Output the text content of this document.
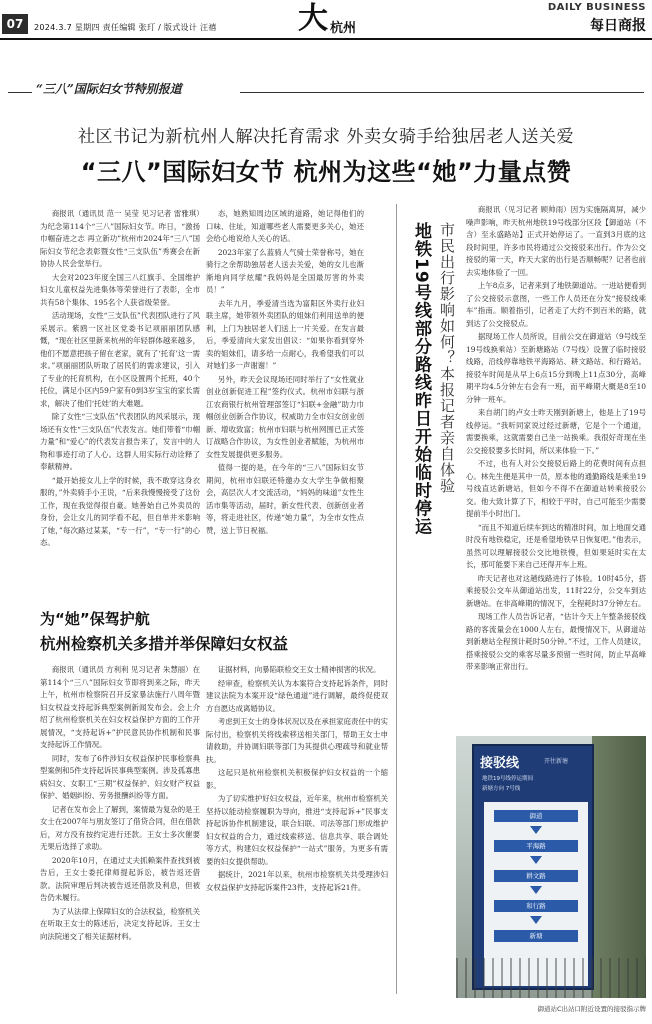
07	2024.3.7 星期四 责任编辑 张玎 / 版式设计 汪禧	大 杭州
DAILY BUSINESS
每日商报
“三八”国际妇女节特别报道
社区书记为新杭州人解决托育需求 外卖女骑手给独居老人送关爱
“三八”国际妇女节 杭州为这些“她”力量点赞

商报讯（通讯员 范一 吴莹 见习记者 雷雅琪）为纪念第114个“三八”国际妇女节。昨日，“激扬巾帼奋进之志 再立新功”杭州市2024年“三八”国际妇女节纪念表彰暨女性“三支队伍”秀赛会在新协协人民会堂举行。

大会对2023年度全国三八红旗手、全国维护妇女儿童权益先进集体等荣誉进行了表彰，全市共有58个集体、195名个人获省级荣誉。

活动现场，女性“三支队伍”代表团队进行了风采展示。紫鸥一区社区党委书记项丽丽团队感慨，“现在社区里新来杭州的年轻群体越来越多，他们不愿意把孩子留在老家，就有了‘托育’这一需求。”项丽丽团队听取了居民们的需求建议，引入了专业的托育机构，在小区设置两个托班，40个托位，满足小区内59户家有0到3岁宝宝的家长需求，解决了他们‘托娃’的大难题。

除了女性“三支队伍”代表团队的风采展示，现场还有女性“三支队伍”代表发言。她们带着“巾帼力量”和“爱心”的代表发言报告来了，发言中的人物和事迹打动了人心。这群人用实际行动诠释了奉献精神。

“最开始接女儿上学的时候，我不敢穿这身衣服的，”外卖骑手小王说，“后来我慢慢接受了这份工作，现在我觉得很自豪。她善始自己外卖员的身份，会让女儿的同学看不起，但自单井米影响了她，”每次路过某某，“专一行”，“专一行”的心态。

态，她熟知周边区域的道路，她记得他们的口味、住址，知道哪些老人需要更多关心，她还会给心地说给人关心的话。

2023年家了么蓝骑人气骑士荣誉称号，她在骑行之余帮助独居老人送去关爱，她的女儿也渐渐地向同学炫耀“我妈妈是全国最厉害的外卖员！”

去年九月，季爱清当选为富阳区外卖行业妇联主席，她带领外卖团队的姐妹们利用送单的便利，上门为独居老人们送上一片关爱。在发言最后，季爱清向大家发出倡议：“如果你看到穿外卖的姐妹们，请多给一点耐心，我希望我们可以对她们多一声谢谢！”

另外，昨天会议现场还同时举行了“女性就业创业创新促进工程”签约仪式。杭州市妇联与浙江农商银行杭州管理部签订“妇联+金融”助力巾帼创业创新合作协议，权威助力全市妇女创业创新、增收致富；杭州市妇联与杭州网围已正式签订战略合作协议，为女性创业者赋能，为杭州市女性发展提供更多服务。

值得一提的是，在今年的“三八”国际妇女节期间，杭州市妇联还特邀办女大学生争做相聚会，高层次人才交流活动，“妈妈的味道”女性生活市集等活动，届时，新女性代表、创新创业者等，将走进社区，传递“她力量”，为全市女性点赞，送上节日祝福。

市民出行影响如何？本报记者亲自体验
地铁19号线部分路线昨日开始临时停运

商报讯（见习记者 顾帅雨）因为实施隔离屏，减少噪声影响，昨天杭州地铁19号线部分区段【御道站（不含）至永盛路站】正式开始停运了。一直到3月底的这段时间里，许多市民将通过公交接驳来出行。作为公交接驳的第一天，昨天大家的出行是否顺畅呢？记者也前去实地体验了一回。

上午8点多，记者来到了地铁御道站。一进站便看到了公交接驳示意图，一些工作人员还在分发“接驳线乘车”指南。顺着指引，记者走了大约不到百米的路，就到达了公交接驳点。

据现场工作人员所说，目前公交在御道站（9号线至19号线换乘站）至新塘路站（7号线）设置了临时接驳线路，沿线停靠地铁平海路站、耕文路站、和行路站。接驳车时间是从早上6点15分到晚上11点30分，高峰期平均4.5分钟左右会有一班，而平峰期大概是8至10分钟一班车。

来自胡门的卢女士昨天刚到新塘上，他是上了19号线停运。“我听同家说过经过新塘，它是个一个通道，需要换乘，这就需要自己坐一站换乘。我很好奇现在坐公交接驳要多长时间，所以来体验一下。”

不过，也有人对公交接驳后路上的花费时间有点担心。林先生便是其中一员，原本他的通勤路线是乘坐19号线直达新塘站，但如今不得不在御道站转乘接驳公交。他大致计算了下，相较于平时，自己可能至少需要提前半小时出门。

“而且不知道后续车到达的精准时间，加上地面交通时没有地铁稳定，还是希望地铁早日恢复吧。”他表示，虽然可以理解接驳公交比地铁慢，但如果延时实在太长，那可能要下来自己还得开车上班。

昨天记者也对这趟线路进行了体验。10时45分，搭乘接驳公交车从御道站出发，11时22分，公交车到达新塘站。在非高峰期的情况下，全程耗时37分钟左右。

现场工作人员告诉记者，“估计今天上午整条接驳线路的客流量会在1000人左右，最慢情况下，从御道站到新塘站全程预计耗时50分钟。”不过，工作人员建议，搭乘接驳公交的乘客尽量多预留一些时间，防止早高峰带来影响正常出行。

为“她”保驾护航
杭州检察机关多措并举保障妇女权益

商报讯（通讯员 方利利 见习记者 朱慧丽）在第114个“三八”国际妇女节即将到来之际，昨天上午，杭州市检察院召开反家暴法施行八周年暨妇女权益支持起诉典型案例新闻发布会。会上介绍了杭州检察机关在妇女权益保护方面的工作开展情况，“支持起诉+”护民意民协作机制和民事支持起诉工作情况。

同时，发布了6件涉妇女权益保护民事检察典型案例和5件支持起诉民事典型案例。涉及孤寡患病妇女、女职工“三期”权益保护、妇女财产权益保护、婚姻纠纷、劳务报酬纠纷等方面。

记者在发布会上了解到，案情最为复杂的是王女士在2007年与朋友签订了借贷合同，但在借款后，对方没有按约定进行还款。王女士多次催要无果后选择了求助。

2020年10月，在通过丈夫抓赖案件查找到被告后，王女士委托律师提起诉讼，被告返还借款。法院审理后判决被告返还借款及利息，但被告仍未履行。

为了从法律上保障妇女的合法权益，检察机关在听取王女士的陈述后，决定支持起诉。王女士向法院递交了相关证据材料。

证据材料，向暴陷联检交王女士精神损害的状况。

经审查，检察机关认为本案符合支持起诉条件，同时建议法院为本案开设“绿色通道”进行调解，最终促使双方自愿达成离婚协议。

考虑到王女士的身体状况以及在承担家庭责任中的实际付出，检察机关将线索移送相关部门，帮助王女士申请救助，并协调妇联等部门为其提供心理疏导和就业帮扶。

这起只是杭州检察机关积极保护妇女权益的一个缩影。

为了切实维护好妇女权益，近年来，杭州市检察机关坚持以能动检察履职为导向，推进“支持起诉+”民事支持起诉协作机制建设，联合妇联、司法等部门形成维护妇女权益的合力，通过线索移送、信息共享、联合调处等方式，构建妇女权益保护“一站式”服务，为更多有需要的妇女提供帮助。

据统计，2021年以来，杭州市检察机关共受理涉妇女权益保护支持起诉案件23件，支持起诉21件。

接驳线	开往新塘
地铁19号线停运期间
新塘方向 7号线
御道
平海路
耕文路
和行路
新塘
御道站C出站口附近设置的接驳指示牌
